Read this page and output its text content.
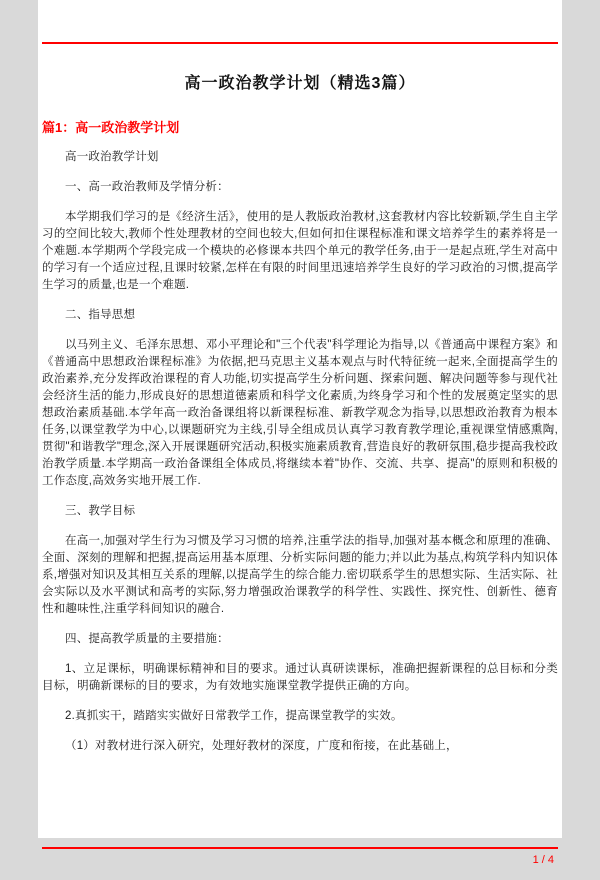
高一政治教学计划（精选3篇）
篇1：高一政治教学计划

高一政治教学计划

一、高一政治教师及学情分析：

本学期我们学习的是《经济生活》，使用的是人教版政治教材,这套教材内容比较新颖,学生自主学习的空间比较大,教师个性处理教材的空间也较大,但如何扣住课程标准和课文培养学生的素养将是一个难题.本学期两个学段完成一个模块的必修课本共四个单元的教学任务,由于一是起点班,学生对高中的学习有一个适应过程,且课时较紧,怎样在有限的时间里迅速培养学生良好的学习政治的习惯,提高学生学习的质量,也是一个难题.

二、指导思想

以马列主义、毛泽东思想、邓小平理论和"三个代表"科学理论为指导,以《普通高中课程方案》和《普通高中思想政治课程标准》为依据,把马克思主义基本观点与时代特征统一起来,全面提高学生的政治素养,充分发挥政治课程的育人功能,切实提高学生分析问题、探索问题、解决问题等参与现代社会经济生活的能力,形成良好的思想道德素质和科学文化素质,为终身学习和个性的发展奠定坚实的思想政治素质基础.本学年高一政治备课组将以新课程标准、新教学观念为指导,以思想政治教育为根本任务,以课堂教学为中心,以课题研究为主线,引导全组成员认真学习教育教学理论,重视课堂情感熏陶,贯彻"和谐教学"理念,深入开展课题研究活动,积极实施素质教育,营造良好的教研氛围,稳步提高我校政治教学质量.本学期高一政治备课组全体成员,将继续本着"协作、交流、共享、提高"的原则和积极的工作态度,高效务实地开展工作.

三、教学目标

在高一,加强对学生行为习惯及学习习惯的培养,注重学法的指导,加强对基本概念和原理的准确、全面、深刻的理解和把握,提高运用基本原理、分析实际问题的能力;并以此为基点,构筑学科内知识体系,增强对知识及其相互关系的理解,以提高学生的综合能力.密切联系学生的思想实际、生活实际、社会实际以及水平测试和高考的实际,努力增强政治课教学的科学性、实践性、探究性、创新性、德育性和趣味性,注重学科间知识的融合.

四、提高教学质量的主要措施：

1、立足课标，明确课标精神和目的要求。通过认真研读课标，准确把握新课程的总目标和分类目标，明确新课标的目的要求，为有效地实施课堂教学提供正确的方向。

2.真抓实干，踏踏实实做好日常教学工作，提高课堂教学的实效。

（1）对教材进行深入研究，处理好教材的深度，广度和衔接，在此基础上，

1 / 4
